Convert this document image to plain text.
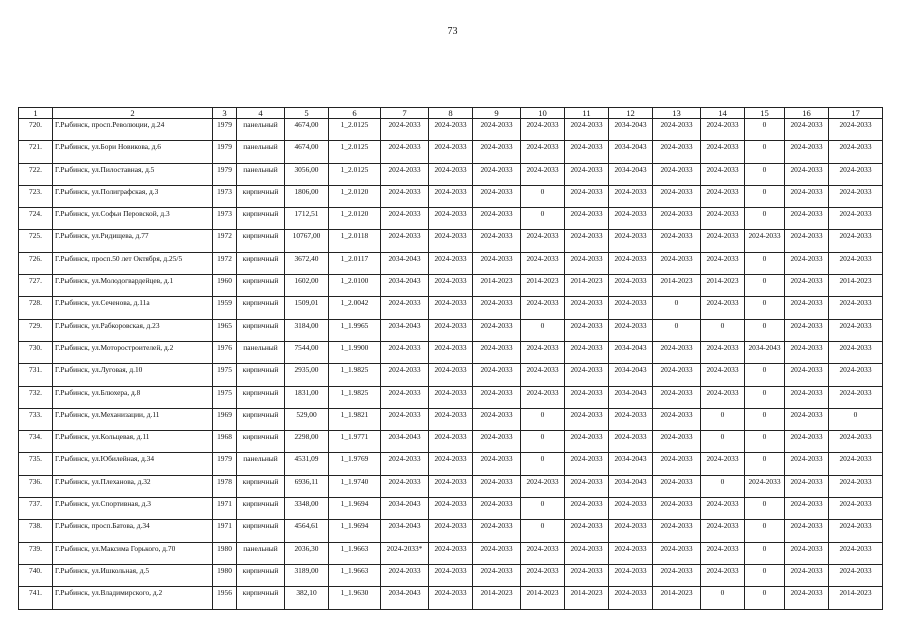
73
1	2	3	4	5	6	7	8	9	10	11	12	13	14	15	16	17
720.	Г.Рыбинск, просп.Революции, д.24	1979	панельный	4674,00	1_2.0125	2024-2033	2024-2033	2024-2033	2024-2033	2024-2033	2034-2043	2024-2033	2024-2033	0	2024-2033	2024-2033
721.	Г.Рыбинск, ул.Бори Новикова, д.6	1979	панельный	4674,00	1_2.0125	2024-2033	2024-2033	2024-2033	2024-2033	2024-2033	2034-2043	2024-2033	2024-2033	0	2024-2033	2024-2033
722.	Г.Рыбинск, ул.Пилоставная, д.5	1979	панельный	3056,00	1_2.0125	2024-2033	2024-2033	2024-2033	2024-2033	2024-2033	2034-2043	2024-2033	2024-2033	0	2024-2033	2024-2033
723.	Г.Рыбинск, ул.Полиграфская, д.3	1973	кирпичный	1806,00	1_2.0120	2024-2033	2024-2033	2024-2033	0	2024-2033	2024-2033	2024-2033	2024-2033	0	2024-2033	2024-2033
724.	Г.Рыбинск, ул.Софьи Перовской, д.3	1973	кирпичный	1712,51	1_2.0120	2024-2033	2024-2033	2024-2033	0	2024-2033	2024-2033	2024-2033	2024-2033	0	2024-2033	2024-2033
725.	Г.Рыбинск, ул.Ридищева, д.77	1972	кирпичный	10767,00	1_2.0118	2024-2033	2024-2033	2024-2033	2024-2033	2024-2033	2024-2033	2024-2033	2024-2033	2024-2033	2024-2033	2024-2033
726.	Г.Рыбинск, просп.50 лет Октября, д.25/5	1972	кирпичный	3672,40	1_2.0117	2034-2043	2024-2033	2024-2033	2024-2033	2024-2033	2024-2033	2024-2033	2024-2033	0	2024-2033	2024-2033
727.	Г.Рыбинск, ул.Молодогвардейцев, д.1	1960	кирпичный	1602,00	1_2.0100	2034-2043	2024-2033	2014-2023	2014-2023	2014-2023	2024-2033	2014-2023	2014-2023	0	2024-2033	2014-2023
728.	Г.Рыбинск, ул.Сеченова, д.11а	1959	кирпичный	1509,01	1_2.0042	2024-2033	2024-2033	2024-2033	2024-2033	2024-2033	2024-2033	0	2024-2033	0	2024-2033	2024-2033
729.	Г.Рыбинск, ул.Рабкоровская, д.23	1965	кирпичный	3184,00	1_1.9965	2034-2043	2024-2033	2024-2033	0	2024-2033	2024-2033	0	0	0	2024-2033	2024-2033
730.	Г.Рыбинск, ул.Моторостроителей, д.2	1976	панельный	7544,00	1_1.9900	2024-2033	2024-2033	2024-2033	2024-2033	2024-2033	2034-2043	2024-2033	2024-2033	2034-2043	2024-2033	2024-2033
731.	Г.Рыбинск, ул.Луговая, д.10	1975	кирпичный	2935,00	1_1.9825	2024-2033	2024-2033	2024-2033	2024-2033	2024-2033	2034-2043	2024-2033	2024-2033	0	2024-2033	2024-2033
732.	Г.Рыбинск, ул.Блюхера, д.8	1975	кирпичный	1831,00	1_1.9825	2024-2033	2024-2033	2024-2033	2024-2033	2024-2033	2034-2043	2024-2033	2024-2033	0	2024-2033	2024-2033
733.	Г.Рыбинск, ул.Механизации, д.11	1969	кирпичный	529,00	1_1.9821	2024-2033	2024-2033	2024-2033	0	2024-2033	2024-2033	2024-2033	0	0	2024-2033	0
734.	Г.Рыбинск, ул.Кольцевая, д.11	1968	кирпичный	2298,00	1_1.9771	2034-2043	2024-2033	2024-2033	0	2024-2033	2024-2033	2024-2033	0	0	2024-2033	2024-2033
735.	Г.Рыбинск, ул.Юбилейная, д.34	1979	панельный	4531,09	1_1.9769	2024-2033	2024-2033	2024-2033	0	2024-2033	2034-2043	2024-2033	2024-2033	0	2024-2033	2024-2033
736.	Г.Рыбинск, ул.Плеханова, д.32	1978	кирпичный	6936,11	1_1.9740	2024-2033	2024-2033	2024-2033	2024-2033	2024-2033	2034-2043	2024-2033	0	2024-2033	2024-2033	2024-2033
737.	Г.Рыбинск, ул.Спортивная, д.3	1971	кирпичный	3348,00	1_1.9694	2034-2043	2024-2033	2024-2033	0	2024-2033	2024-2033	2024-2033	2024-2033	0	2024-2033	2024-2033
738.	Г.Рыбинск, просп.Батова, д.34	1971	кирпичный	4564,61	1_1.9694	2034-2043	2024-2033	2024-2033	0	2024-2033	2024-2033	2024-2033	2024-2033	0	2024-2033	2024-2033
739.	Г.Рыбинск, ул.Максима Горького, д.70	1980	панельный	2036,30	1_1.9663	2024-2033*	2024-2033	2024-2033	2024-2033	2024-2033	2024-2033	2024-2033	2024-2033	0	2024-2033	2024-2033
740.	Г.Рыбинск, ул.Ишкольная, д.5	1980	кирпичный	3189,00	1_1.9663	2024-2033	2024-2033	2024-2033	2024-2033	2024-2033	2024-2033	2024-2033	2024-2033	0	2024-2033	2024-2033
741.	Г.Рыбинск, ул.Владимирского, д.2	1956	кирпичный	382,10	1_1.9630	2034-2043	2024-2033	2014-2023	2014-2023	2014-2023	2024-2033	2014-2023	0	0	2024-2033	2014-2023
